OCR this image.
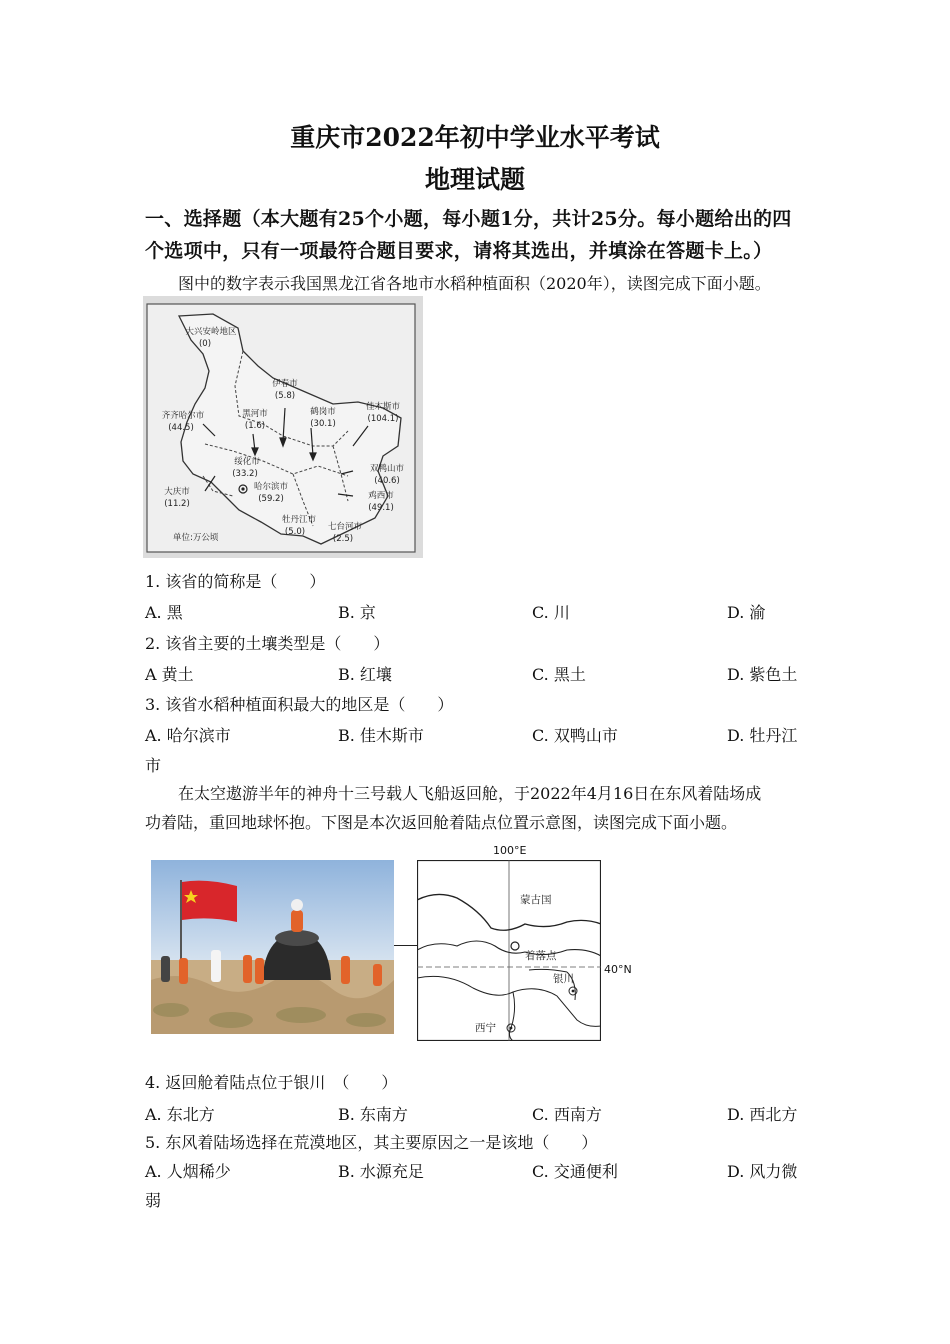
重庆市2022年初中学业水平考试
地理试题
一、选择题（本大题有25个小题，每小题1分，共计25分。每小题给出的四
个选项中，只有一项最符合题目要求，请将其选出，并填涂在答题卡上。）
图中的数字表示我国黑龙江省各地市水稻种植面积（2020年），读图完成下面小题。
大兴安岭地区
(0)
伊春市
(5.8)
黑河市
(1.6)
鹤岗市
(30.1)
佳木斯市
(104.1)
齐齐哈尔市
(44.5)
绥化市
(33.2)
哈尔滨市
(59.2)
双鸭山市
(40.6)
鸡西市
(49.1)
大庆市
(11.2)
牡丹江市
(5.0)	七台河市
(2.5)
单位:万公顷
1. 该省的简称是（　　）
A. 黑	B. 京	C. 川	D. 渝
2. 该省主要的土壤类型是（　　）
A 黄土	B. 红壤	C. 黑土	D. 紫色土
3. 该省水稻种植面积最大的地区是（　　）
A. 哈尔滨市	B. 佳木斯市	C. 双鸭山市	D. 牡丹江
市
在太空遨游半年的神舟十三号载人飞船返回舱，于2022年4月16日在东风着陆场成
功着陆，重回地球怀抱。下图是本次返回舱着陆点位置示意图，读图完成下面小题。
蒙古国
着落点
银川
西宁
100°E
40°N
4. 返回舱着陆点位于银川　（　　）
A. 东北方	B. 东南方	C. 西南方	D. 西北方
5. 东风着陆场选择在荒漠地区，其主要原因之一是该地（　　）
A. 人烟稀少	B. 水源充足	C. 交通便利	D. 风力微
弱
